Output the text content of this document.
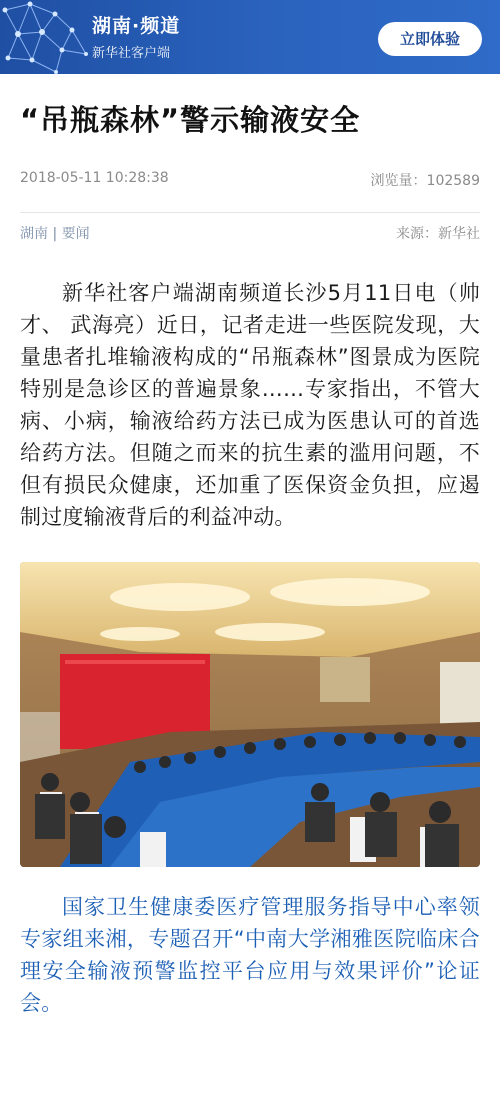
湖南·频道
新华社客户端
立即体验
“吊瓶森林”警示输液安全
2018-05-11 10:28:38	浏览量：102589
湖南 | 要闻	来源：新华社

新华社客户端湖南频道长沙5月11日电（帅才、 武海亮）近日，记者走进一些医院发现，大量患者扎堆输液构成的“吊瓶森林”图景成为医院特别是急诊区的普遍景象……专家指出，不管大病、小病，输液给药方法已成为医患认可的首选给药方法。但随之而来的抗生素的滥用问题，不但有损民众健康，还加重了医保资金负担，应遏制过度输液背后的利益冲动。

国家卫生健康委医疗管理服务指导中心率领专家组来湘，专题召开“中南大学湘雅医院临床合理安全输液预警监控平台应用与效果评价”论证会。
